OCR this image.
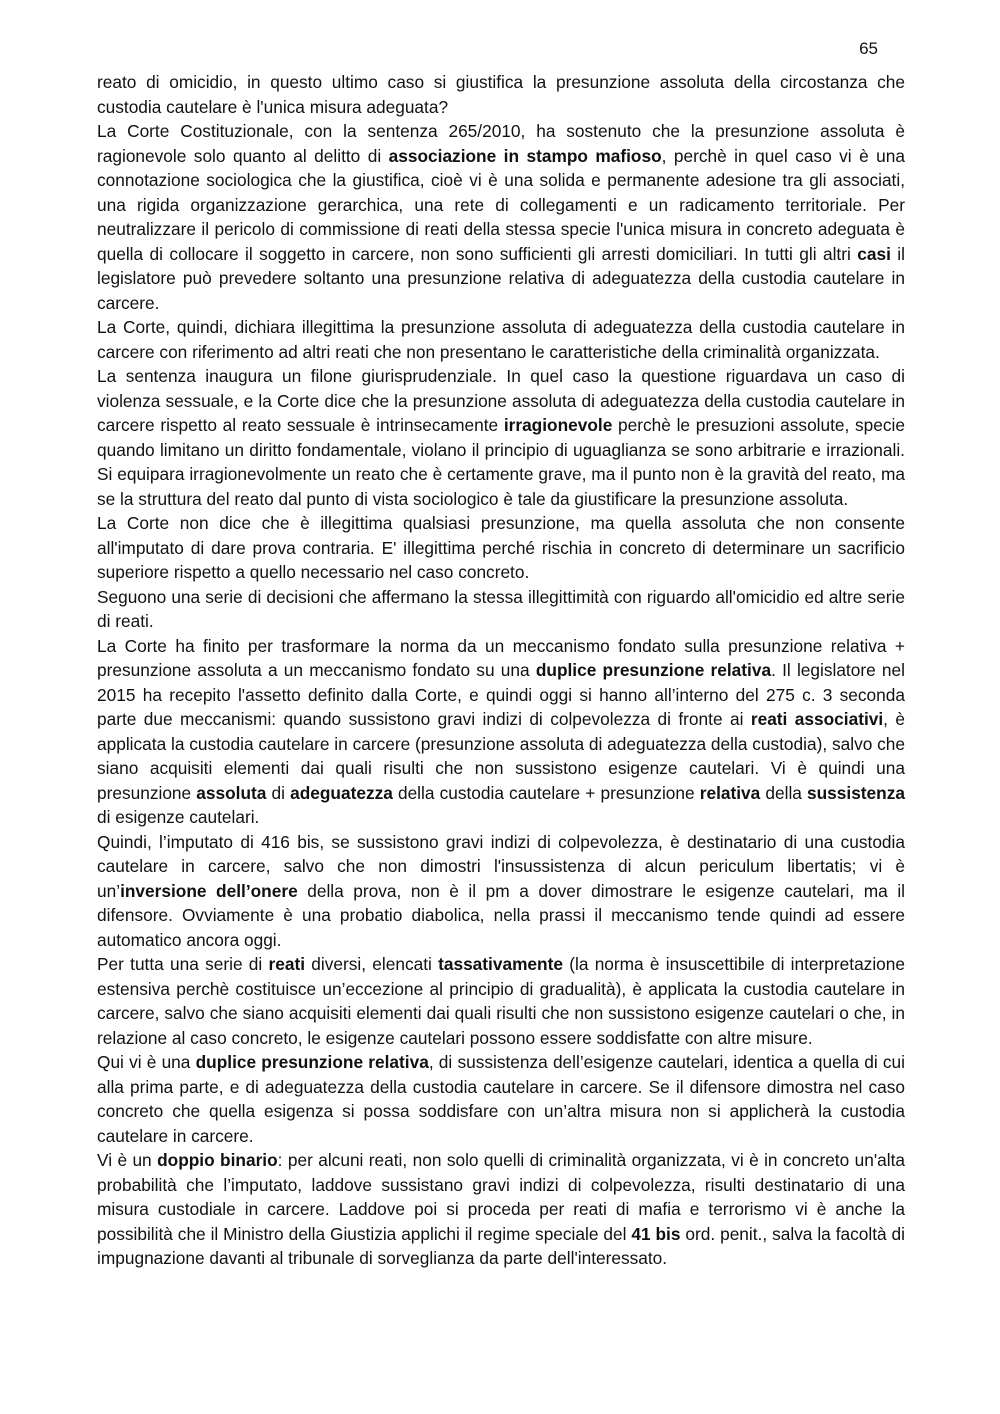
65

reato di omicidio, in questo ultimo caso si giustifica la presunzione assoluta della circostanza che custodia cautelare è l'unica misura adeguata?

La Corte Costituzionale, con la sentenza 265/2010, ha sostenuto che la presunzione assoluta è ragionevole solo quanto al delitto di associazione in stampo mafioso, perchè in quel caso vi è una connotazione sociologica che la giustifica, cioè vi è una solida e permanente adesione tra gli associati, una rigida organizzazione gerarchica, una rete di collegamenti e un radicamento territoriale. Per neutralizzare il pericolo di commissione di reati della stessa specie l'unica misura in concreto adeguata è quella di collocare il soggetto in carcere, non sono sufficienti gli arresti domiciliari. In tutti gli altri casi il legislatore può prevedere soltanto una presunzione relativa di adeguatezza della custodia cautelare in carcere.

La Corte, quindi, dichiara illegittima la presunzione assoluta di adeguatezza della custodia cautelare in carcere con riferimento ad altri reati che non presentano le caratteristiche della criminalità organizzata.

La sentenza inaugura un filone giurisprudenziale. In quel caso la questione riguardava un caso di violenza sessuale, e la Corte dice che la presunzione assoluta di adeguatezza della custodia cautelare in carcere rispetto al reato sessuale è intrinsecamente irragionevole perchè le presuzioni assolute, specie quando limitano un diritto fondamentale, violano il principio di uguaglianza se sono arbitrarie e irrazionali. Si equipara irragionevolmente un reato che è certamente grave, ma il punto non è la gravità del reato, ma se la struttura del reato dal punto di vista sociologico è tale da giustificare la presunzione assoluta.

La Corte non dice che è illegittima qualsiasi presunzione, ma quella assoluta che non consente all'imputato di dare prova contraria. E' illegittima perché rischia in concreto di determinare un sacrificio superiore rispetto a quello necessario nel caso concreto.

Seguono una serie di decisioni che affermano la stessa illegittimità con riguardo all'omicidio ed altre serie di reati.

La Corte ha finito per trasformare la norma da un meccanismo fondato sulla presunzione relativa + presunzione assoluta a un meccanismo fondato su una duplice presunzione relativa. Il legislatore nel 2015 ha recepito l'assetto definito dalla Corte, e quindi oggi si hanno all’interno del 275 c. 3 seconda parte due meccanismi: quando sussistono gravi indizi di colpevolezza di fronte ai reati associativi, è applicata la custodia cautelare in carcere (presunzione assoluta di adeguatezza della custodia), salvo che siano acquisiti elementi dai quali risulti che non sussistono esigenze cautelari. Vi è quindi una presunzione assoluta di adeguatezza della custodia cautelare + presunzione relativa della sussistenza di esigenze cautelari.

Quindi, l’imputato di 416 bis, se sussistono gravi indizi di colpevolezza, è destinatario di una custodia cautelare in carcere, salvo che non dimostri l'insussistenza di alcun periculum libertatis; vi è un’inversione dell’onere della prova, non è il pm a dover dimostrare le esigenze cautelari, ma il difensore. Ovviamente è una probatio diabolica, nella prassi il meccanismo tende quindi ad essere automatico ancora oggi.

Per tutta una serie di reati diversi, elencati tassativamente (la norma è insuscettibile di interpretazione estensiva perchè costituisce un’eccezione al principio di gradualità), è applicata la custodia cautelare in carcere, salvo che siano acquisiti elementi dai quali risulti che non sussistono esigenze cautelari o che, in relazione al caso concreto, le esigenze cautelari possono essere soddisfatte con altre misure.

Qui vi è una duplice presunzione relativa, di sussistenza dell’esigenze cautelari, identica a quella di cui alla prima parte, e di adeguatezza della custodia cautelare in carcere. Se il difensore dimostra nel caso concreto che quella esigenza si possa soddisfare con un’altra misura non si applicherà la custodia cautelare in carcere.

Vi è un doppio binario: per alcuni reati, non solo quelli di criminalità organizzata, vi è in concreto un'alta probabilità che l’imputato, laddove sussistano gravi indizi di colpevolezza, risulti destinatario di una misura custodiale in carcere. Laddove poi si proceda per reati di mafia e terrorismo vi è anche la possibilità che il Ministro della Giustizia applichi il regime speciale del 41 bis ord. penit., salva la facoltà di impugnazione davanti al tribunale di sorveglianza da parte dell'interessato.
